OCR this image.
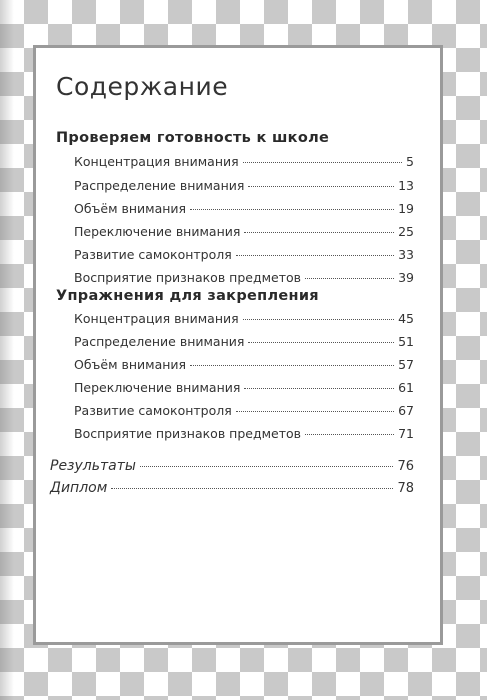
Содержание
Проверяем готовность к школе
Концентрация внимания	5
Распределение внимания	13
Объём внимания	19
Переключение внимания	25
Развитие самоконтроля	33
Восприятие признаков предметов	39
Упражнения для закрепления
Концентрация внимания	45
Распределение внимания	51
Объём внимания	57
Переключение внимания	61
Развитие самоконтроля	67
Восприятие признаков предметов	71
Результаты	76
Диплом	78
